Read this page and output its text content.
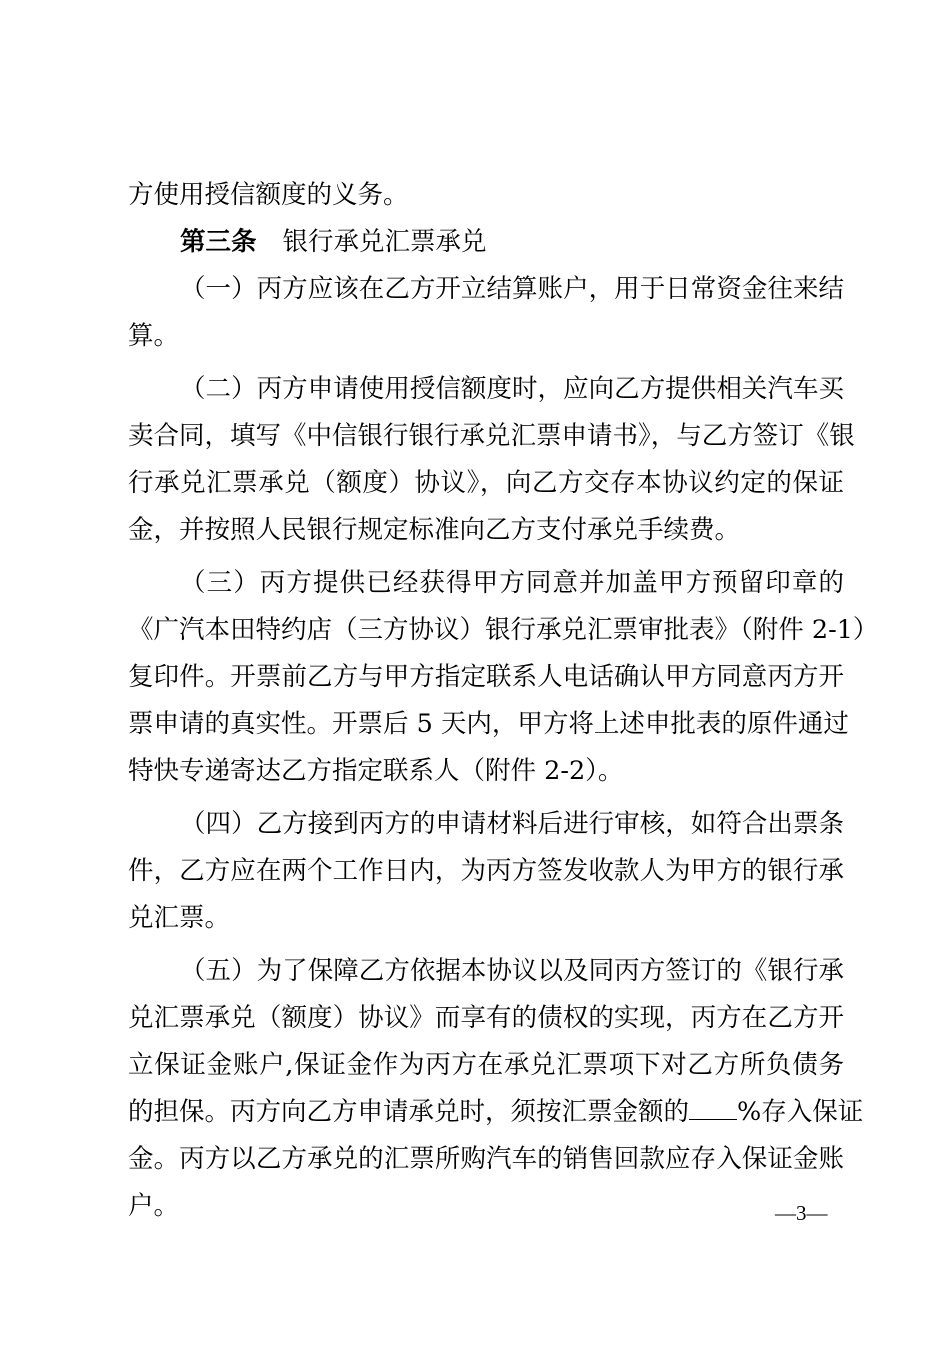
方使用授信额度的义务。
第三条 银行承兑汇票承兑
（一）丙方应该在乙方开立结算账户，用于日常资金往来结
算。
（二）丙方申请使用授信额度时，应向乙方提供相关汽车买
卖合同，填写《中信银行银行承兑汇票申请书》，与乙方签订《银
行承兑汇票承兑（额度）协议》，向乙方交存本协议约定的保证
金，并按照人民银行规定标准向乙方支付承兑手续费。
（三）丙方提供已经获得甲方同意并加盖甲方预留印章的
《广汽本田特约店（三方协议）银行承兑汇票审批表》（附件 2-1）
复印件。开票前乙方与甲方指定联系人电话确认甲方同意丙方开
票申请的真实性。开票后 5 天内，甲方将上述申批表的原件通过
特快专递寄达乙方指定联系人（附件 2-2）。
（四）乙方接到丙方的申请材料后进行审核，如符合出票条
件，乙方应在两个工作日内，为丙方签发收款人为甲方的银行承
兑汇票。
（五）为了保障乙方依据本协议以及同丙方签订的《银行承
兑汇票承兑（额度）协议》而享有的债权的实现，丙方在乙方开
立保证金账户,保证金作为丙方在承兑汇票项下对乙方所负债务
的担保。丙方向乙方申请承兑时，须按汇票金额的 %存入保证
金。丙方以乙方承兑的汇票所购汽车的销售回款应存入保证金账
户。	—3—
